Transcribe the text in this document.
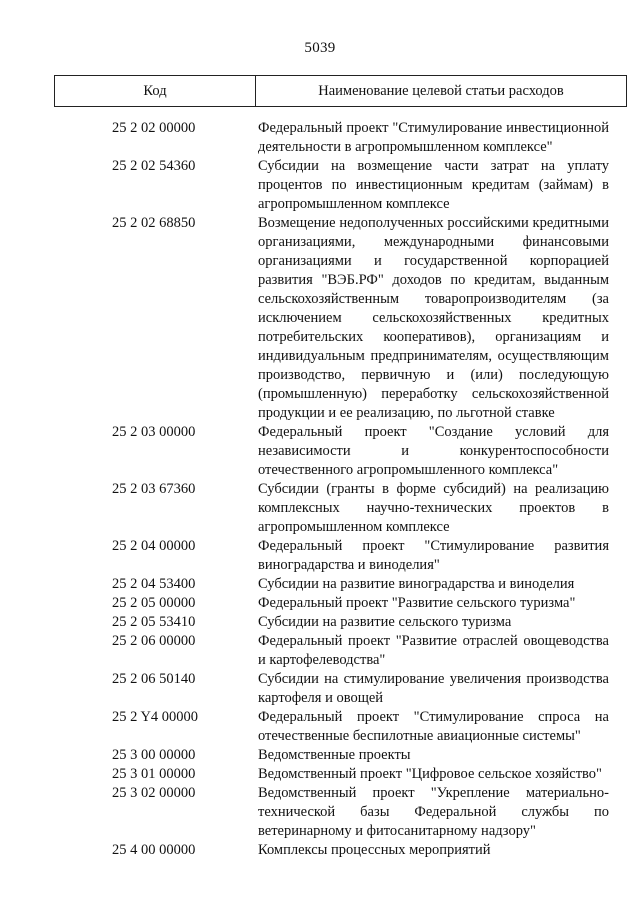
5039
Код	Наименование целевой статьи расходов
25 2 02 00000	Федеральный проект "Стимулирование инвестиционной деятельности в агропромышленном комплексе"
25 2 02 54360	Субсидии на возмещение части затрат на уплату процентов по инвестиционным кредитам (займам) в агропромышленном комплексе
25 2 02 68850	Возмещение недополученных российскими кредитными организациями, международными финансовыми организациями и государственной корпорацией развития "ВЭБ.РФ" доходов по кредитам, выданным сельскохозяйственным товаропроизводителям (за исключением сельскохозяйственных кредитных потребительских кооперативов), организациям и индивидуальным предпринимателям, осуществляющим производство, первичную и (или) последующую (промышленную) переработку сельскохозяйственной продукции и ее реализацию, по льготной ставке
25 2 03 00000	Федеральный проект "Создание условий для независимости и конкурентоспособности отечественного агропромышленного комплекса"
25 2 03 67360	Субсидии (гранты в форме субсидий) на реализацию комплексных научно-технических проектов в агропромышленном комплексе
25 2 04 00000	Федеральный проект "Стимулирование развития виноградарства и виноделия"
25 2 04 53400	Субсидии на развитие виноградарства и виноделия
25 2 05 00000	Федеральный проект "Развитие сельского туризма"
25 2 05 53410	Субсидии на развитие сельского туризма
25 2 06 00000	Федеральный проект "Развитие отраслей овощеводства и картофелеводства"
25 2 06 50140	Субсидии на стимулирование увеличения производства картофеля и овощей
25 2 Y4 00000	Федеральный проект "Стимулирование спроса на отечественные беспилотные авиационные системы"
25 3 00 00000	Ведомственные проекты
25 3 01 00000	Ведомственный проект "Цифровое сельское хозяйство"
25 3 02 00000	Ведомственный проект "Укрепление материально-технической базы Федеральной службы по ветеринарному и фитосанитарному надзору"
25 4 00 00000	Комплексы процессных мероприятий
